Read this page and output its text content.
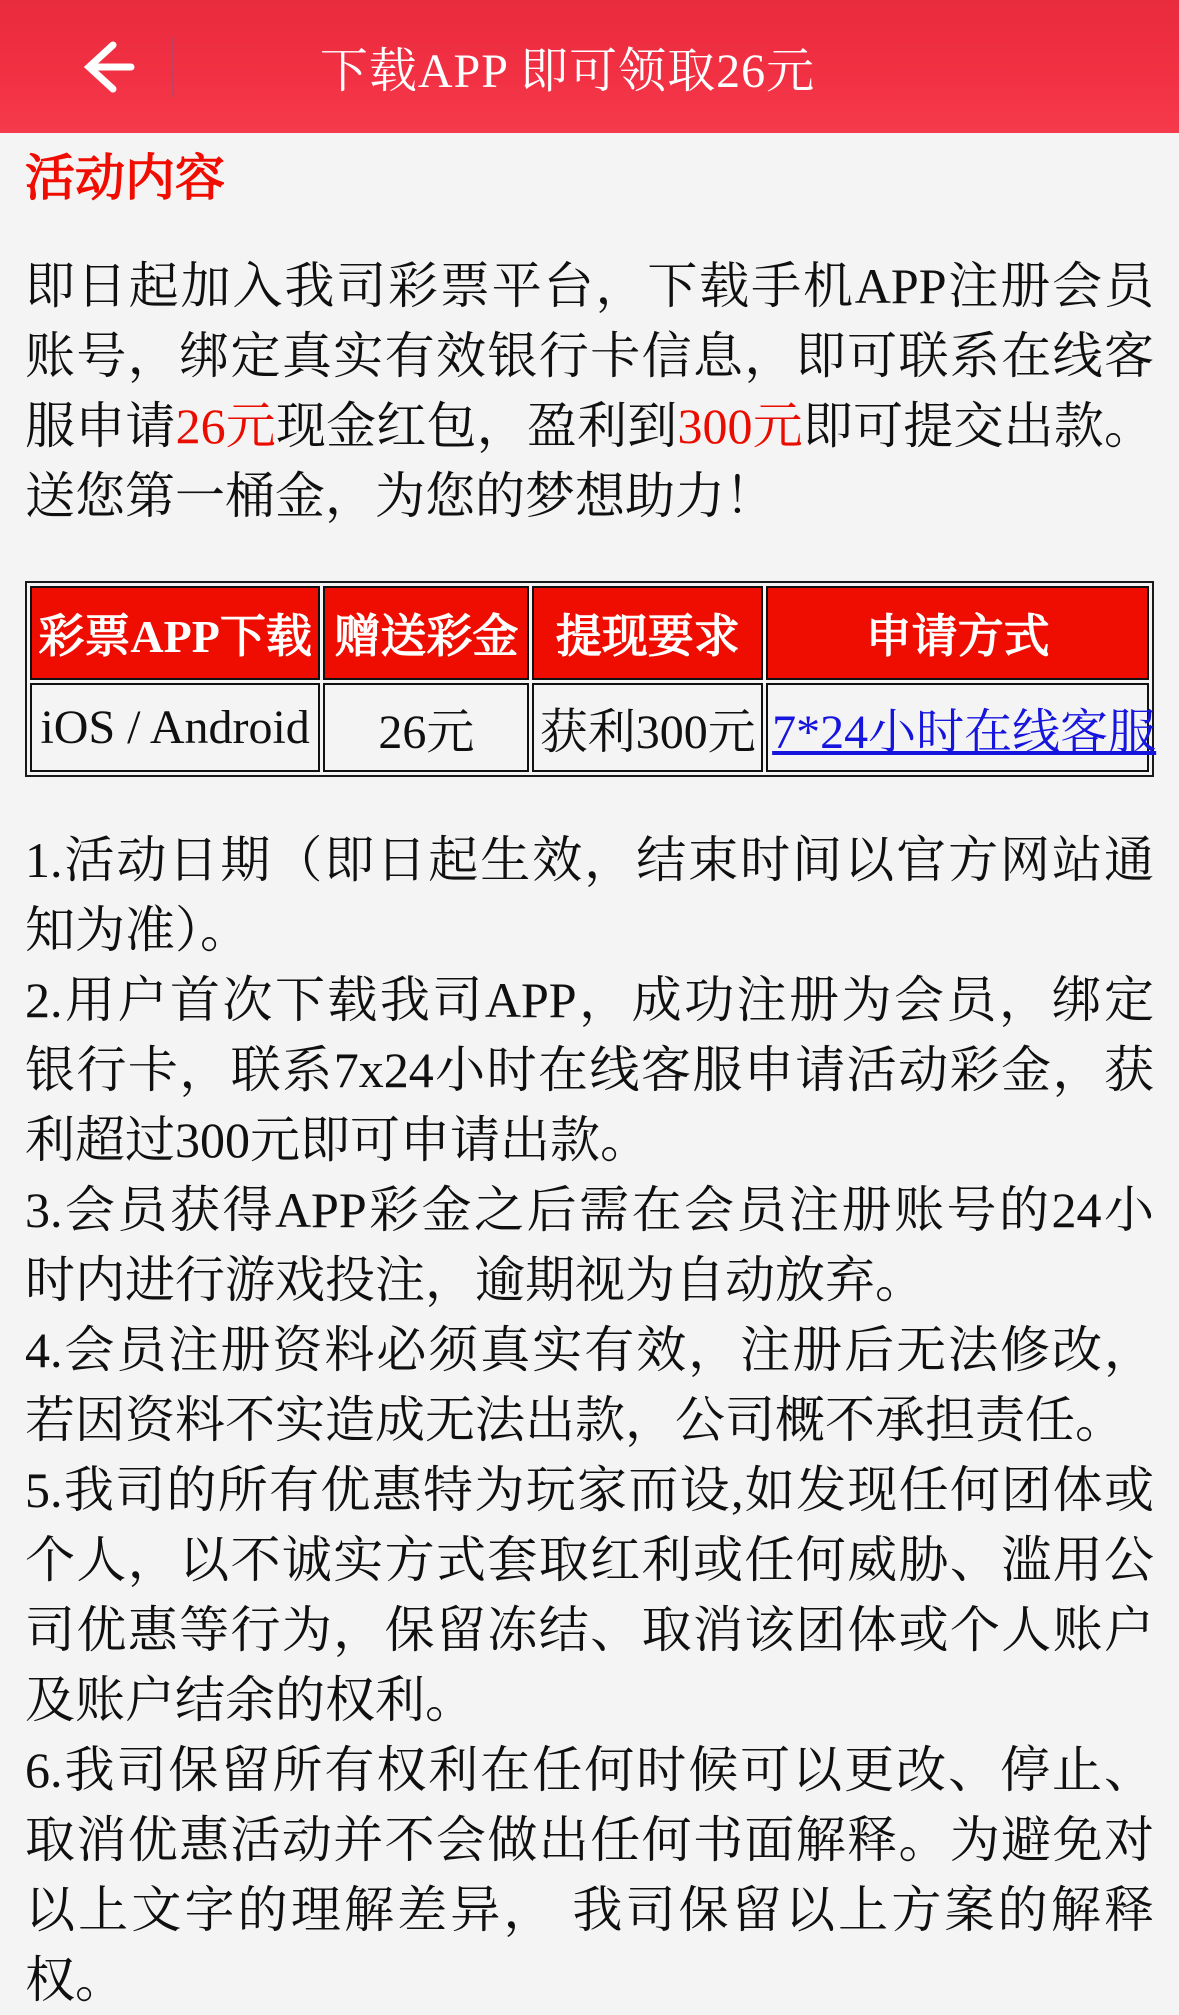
下载APP 即可领取26元
活动内容

即日起加入我司彩票平台，下载手机APP注册会员账号，绑定真实有效银行卡信息，即可联系在线客服申请26元现金红包，盈利到300元即可提交出款。送您第一桶金，为您的梦想助力！

彩票APP下载	赠送彩金	提现要求	申请方式
iOS / Android	26元	获利300元	7*24小时在线客服

1.活动日期（即日起生效，结束时间以官方网站通知为准）。

2.用户首次下载我司APP，成功注册为会员，绑定银行卡，联系7x24小时在线客服申请活动彩金，获利超过300元即可申请出款。

3.会员获得APP彩金之后需在会员注册账号的24小时内进行游戏投注，逾期视为自动放弃。

4.会员注册资料必须真实有效，注册后无法修改，若因资料不实造成无法出款，公司概不承担责任。

5.我司的所有优惠特为玩家而设,如发现任何团体或个人，以不诚实方式套取红利或任何威胁、滥用公司优惠等行为，保留冻结、取消该团体或个人账户及账户结余的权利。

6.我司保留所有权利在任何时候可以更改、停止、取消优惠活动并不会做出任何书面解释。为避免对以上文字的理解差异， 我司保留以上方案的解释权。
